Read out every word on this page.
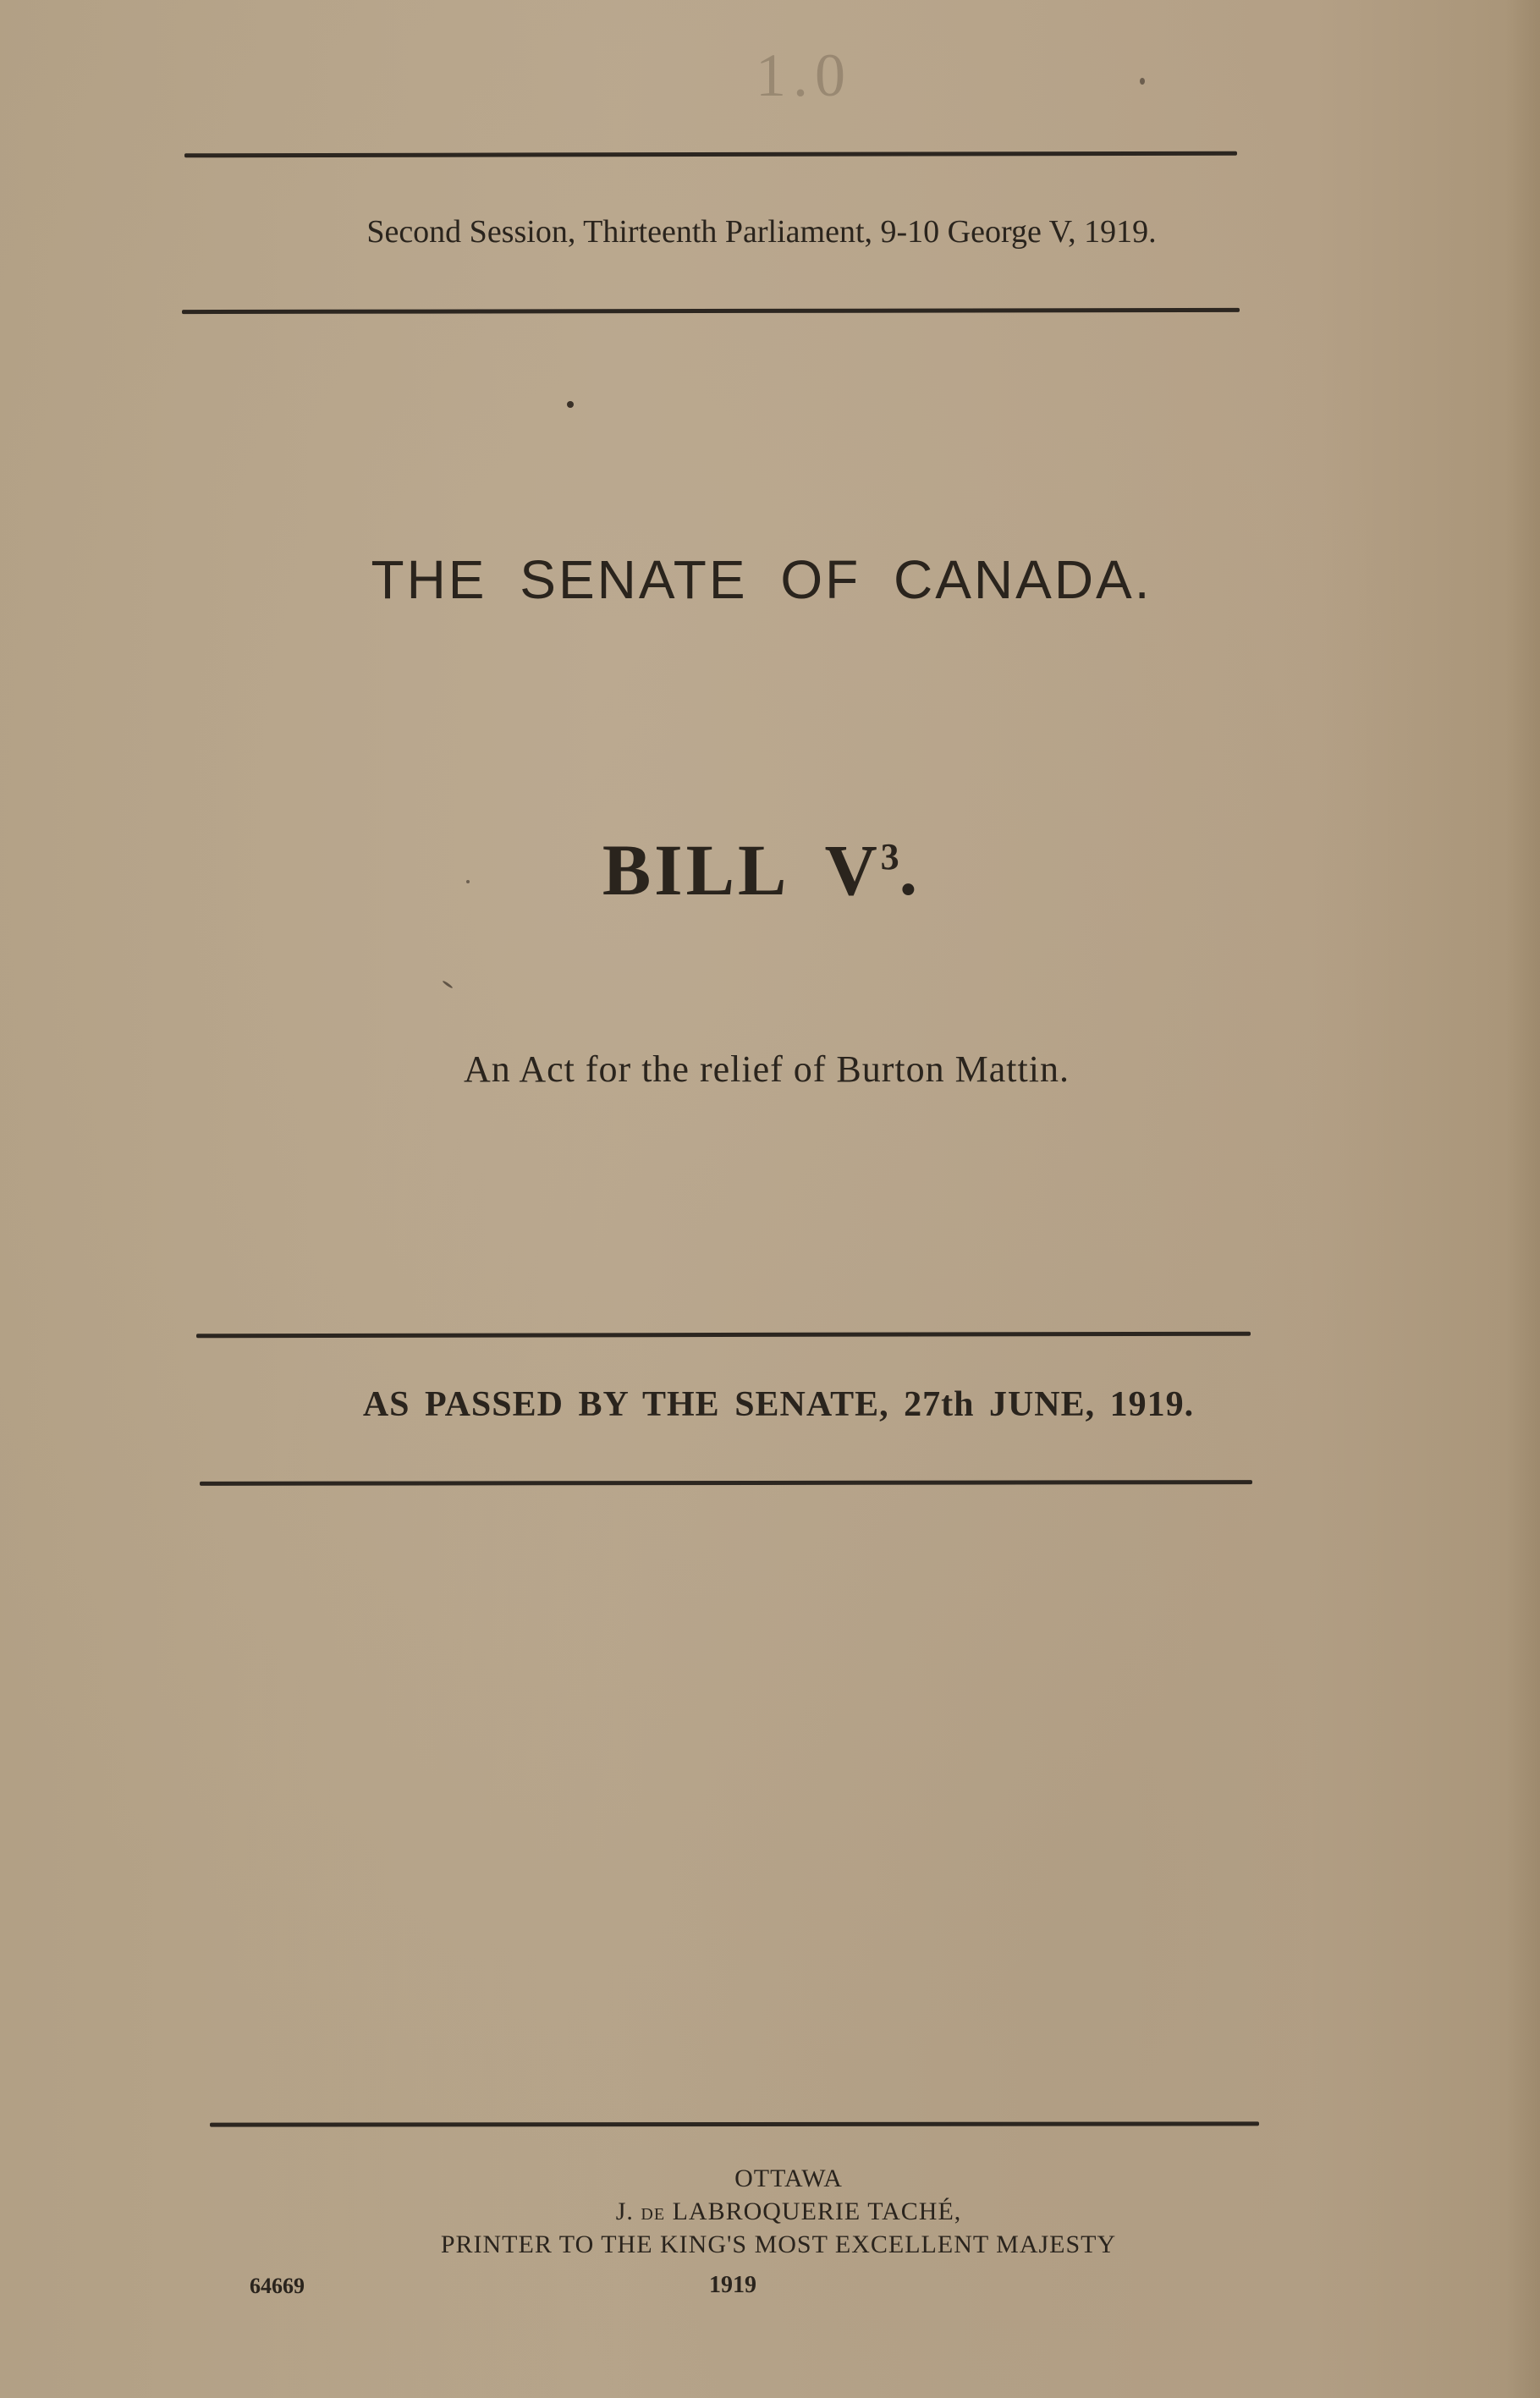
1.0
Second Session, Thirteenth Parliament, 9-10 George V, 1919.
THE SENATE OF CANADA.
BILL $V^3$.
An Act for the relief of Burton Mattin.
AS PASSED BY THE SENATE, 27th JUNE, 1919.
OTTAWA
J. DE LABROQUERIE TACHÉ,
PRINTER TO THE KING'S MOST EXCELLENT MAJESTY
64669	1919
